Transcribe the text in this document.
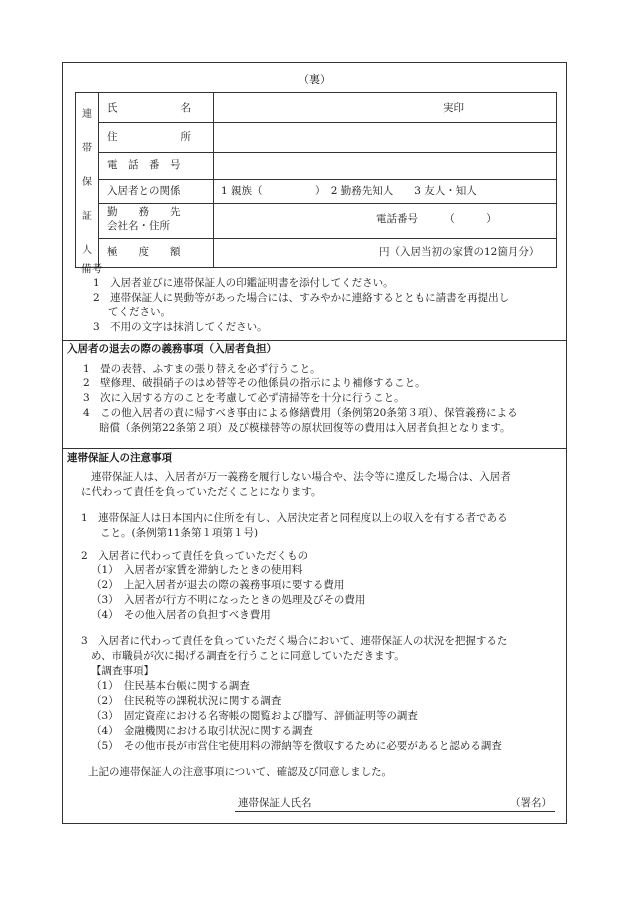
（裏）
連
帯
保
証
人
氏　　　　　　名	実印
住　　　　　　所
電　話　番　号
入居者との関係	1 親族（　　　　　）　2 勤務先知人　　3 友人・知人
勤　　務　　先
会社名・住所
電話番号　　　（　　　）
極　　度　　額	円（入居当初の家賃の12箇月分）
備考
1　入居者並びに連帯保証人の印鑑証明書を添付してください。
2　連帯保証人に異動等があった場合には、すみやかに連絡するとともに請書を再提出し
てください。
3　不用の文字は抹消してください。
入居者の退去の際の義務事項（入居者負担）
1　畳の表替、ふすまの張り替えを必ず行うこと。
2　壁修理、破損硝子のはめ替等その他係員の指示により補修すること。
3　次に入居する方のことを考慮して必ず清掃等を十分に行うこと。
4　この他入居者の責に帰すべき事由による修繕費用（条例第20条第３項）、保管義務による
賠償（条例第22条第２項）及び模様替等の原状回復等の費用は入居者負担となります。
連帯保証人の注意事項
連帯保証人は、入居者が万一義務を履行しない場合や、法令等に違反した場合は、入居者
に代わって責任を負っていただくことになります。
1　連帯保証人は日本国内に住所を有し、入居決定者と同程度以上の収入を有する者である
こと。(条例第11条第１項第１号)
2　入居者に代わって責任を負っていただくもの
（1）　入居者が家賃を滞納したときの使用料
（2）　上記入居者が退去の際の義務事項に要する費用
（3）　入居者が行方不明になったときの処理及びその費用
（4）　その他入居者の負担すべき費用
3　入居者に代わって責任を負っていただく場合において、連帯保証人の状況を把握するた
め、市職員が次に掲げる調査を行うことに同意していただきます。
【調査事項】
（1）　住民基本台帳に関する調査
（2）　住民税等の課税状況に関する調査
（3）　固定資産における名寄帳の閲覧および謄写、評価証明等の調査
（4）　金融機関における取引状況に関する調査
（5）　その他市長が市営住宅使用料の滞納等を徴収するために必要があると認める調査
上記の連帯保証人の注意事項について、確認及び同意しました。
連帯保証人氏名	（署名）
